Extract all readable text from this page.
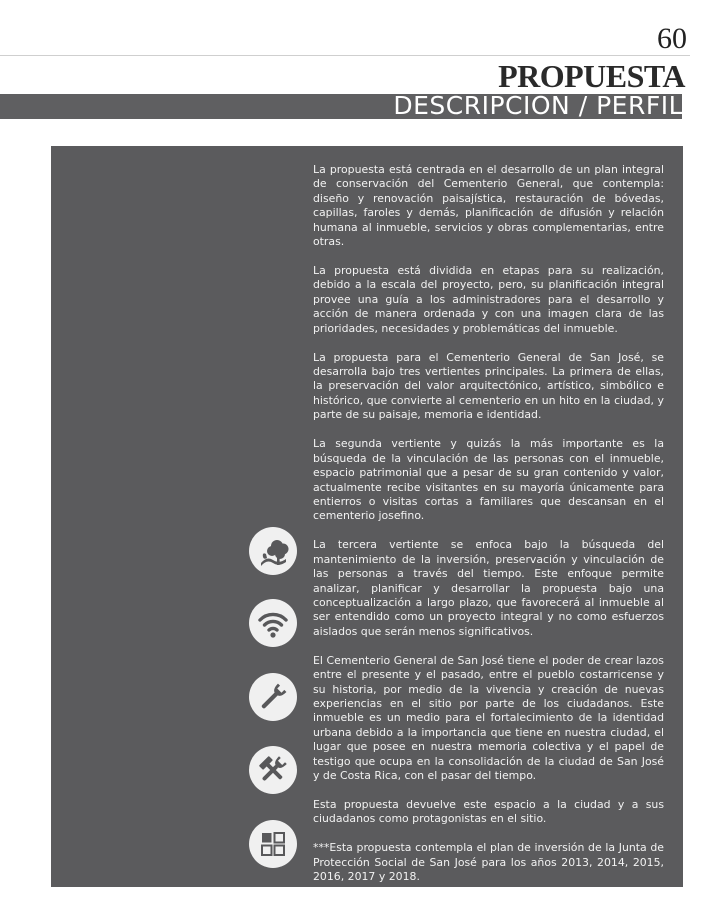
60
PROPUESTA
DESCRIPCIÓN / PERFIL

La propuesta está centrada en el desarrollo de un plan integral de conservación del Cementerio General, que contempla: diseño y renovación paisajística, restauración de bóvedas, capillas, faroles y demás, planificación de difusión y relación humana al inmueble, servicios y obras complementarias, entre otras.

La propuesta está dividida en etapas para su realización, debido a la escala del proyecto, pero, su planificación integral provee una guía a los administradores para el desarrollo y acción de manera ordenada y con una imagen clara de las prioridades, necesidades y problemáticas del inmueble.

La propuesta para el Cementerio General de San José, se desarrolla bajo tres vertientes principales. La primera de ellas, la preservación del valor arquitectónico, artístico, simbólico e histórico, que convierte al cementerio en un hito en la ciudad, y parte de su paisaje, memoria e identidad.

La segunda vertiente y quizás la más importante es la búsqueda de la vinculación de las personas con el inmueble, espacio patrimonial que a pesar de su gran contenido y valor, actualmente recibe visitantes en su mayoría únicamente para entierros o visitas cortas a familiares que descansan en el cementerio josefino.

La tercera vertiente se enfoca bajo la búsqueda del mantenimiento de la inversión, preservación y vinculación de las personas a través del tiempo. Este enfoque permite analizar, planificar y desarrollar la propuesta bajo una conceptualización a largo plazo, que favorecerá al inmueble al ser entendido como un proyecto integral y no como esfuerzos aislados que serán menos significativos.

El Cementerio General de San José tiene el poder de crear lazos entre el presente y el pasado, entre el pueblo costarricense y su historia, por medio de la vivencia y creación de nuevas experiencias en el sitio por parte de los ciudadanos. Este inmueble es un medio para el fortalecimiento de la identidad urbana debido a la importancia que tiene en nuestra ciudad, el lugar que posee en nuestra memoria colectiva y el papel de testigo que ocupa en la consolidación de la ciudad de San José y de Costa Rica, con el pasar del tiempo.

Esta propuesta devuelve este espacio a la ciudad y a sus ciudadanos como protagonistas en el sitio.

***Esta propuesta contempla el plan de inversión de la Junta de Protección Social de San José para los años 2013, 2014, 2015, 2016, 2017 y 2018.
